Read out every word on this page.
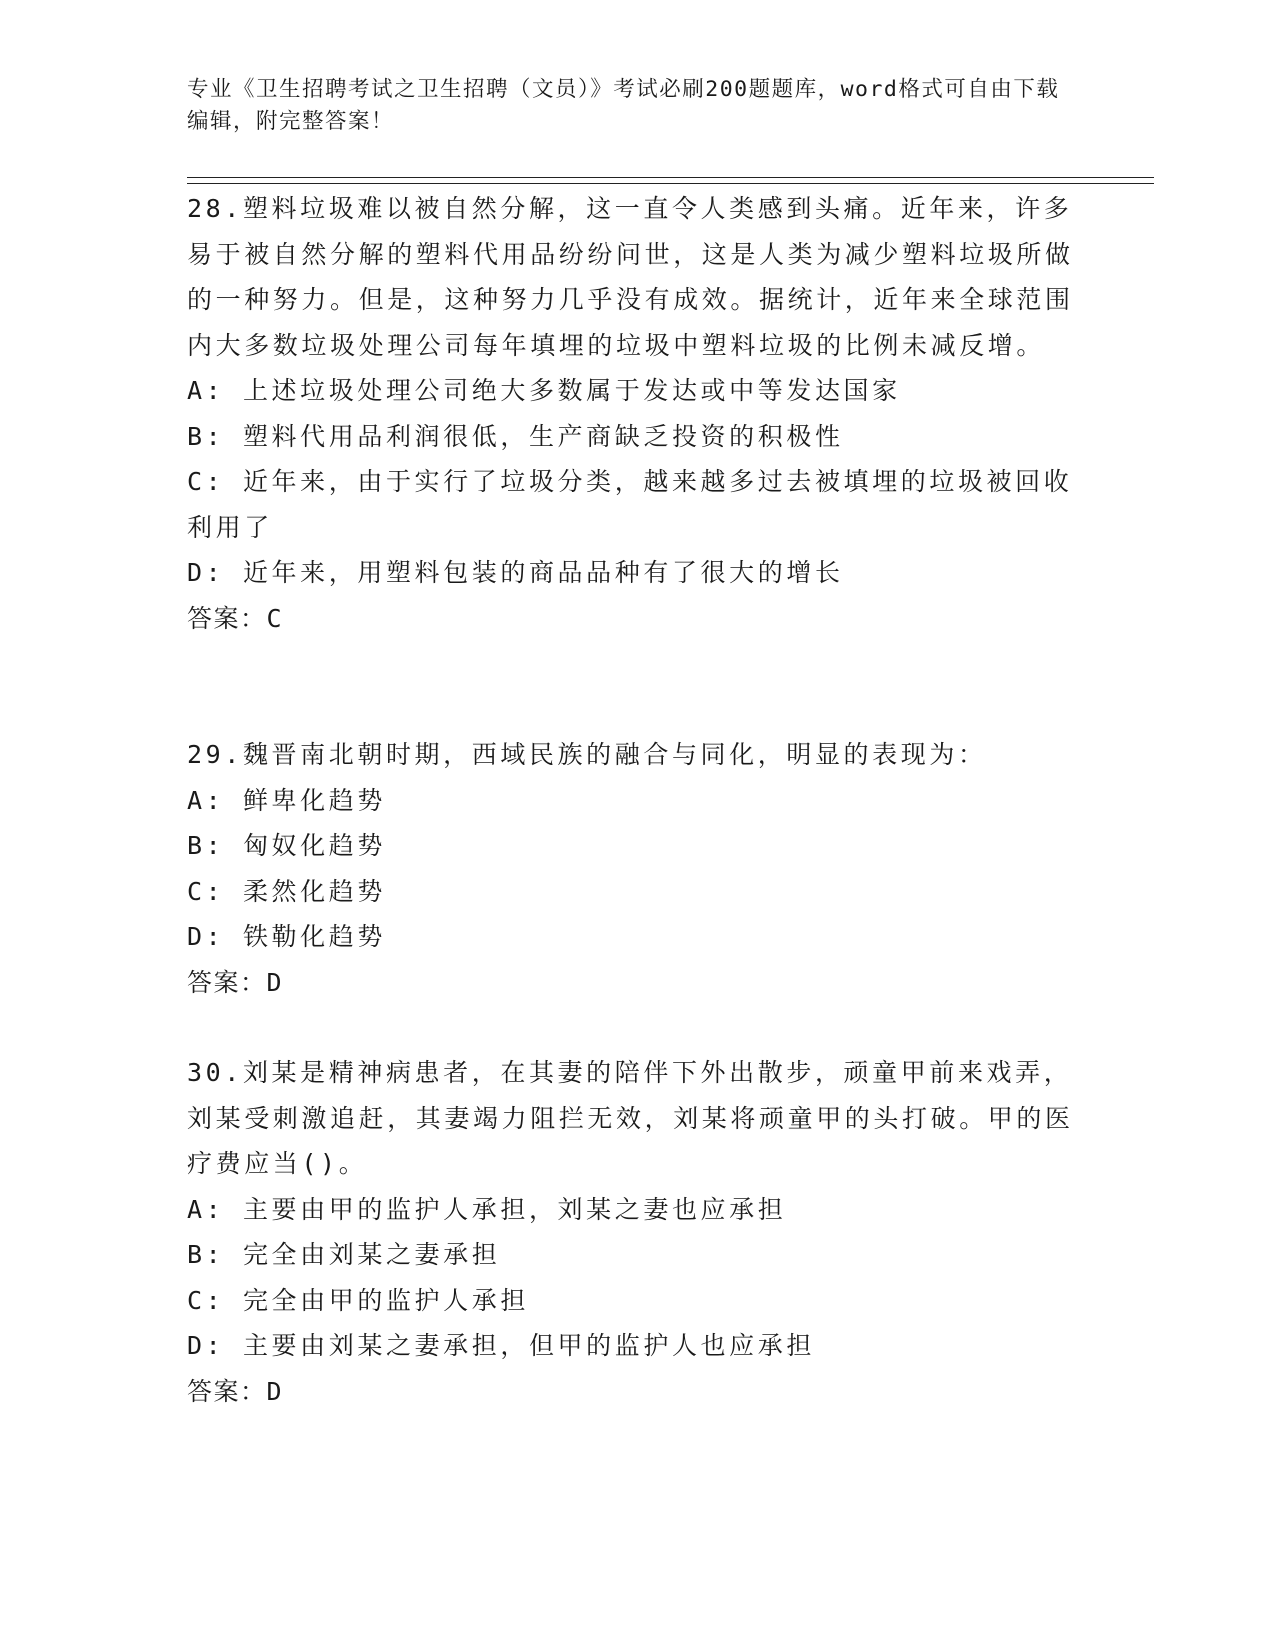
专业《卫生招聘考试之卫生招聘（文员）》考试必刷200题题库，word格式可自由下载编辑，附完整答案！

28.塑料垃圾难以被自然分解，这一直令人类感到头痛。近年来，许多易于被自然分解的塑料代用品纷纷问世，这是人类为减少塑料垃圾所做的一种努力。但是，这种努力几乎没有成效。据统计，近年来全球范围内大多数垃圾处理公司每年填埋的垃圾中塑料垃圾的比例未减反增。

A: 上述垃圾处理公司绝大多数属于发达或中等发达国家

B: 塑料代用品利润很低，生产商缺乏投资的积极性

C: 近年来，由于实行了垃圾分类，越来越多过去被填埋的垃圾被回收利用了

D: 近年来，用塑料包装的商品品种有了很大的增长

答案：C

29.魏晋南北朝时期，西域民族的融合与同化，明显的表现为：

A: 鲜卑化趋势

B: 匈奴化趋势

C: 柔然化趋势

D: 铁勒化趋势

答案：D

30.刘某是精神病患者，在其妻的陪伴下外出散步，顽童甲前来戏弄，刘某受刺激追赶，其妻竭力阻拦无效，刘某将顽童甲的头打破。甲的医疗费应当()。

A: 主要由甲的监护人承担，刘某之妻也应承担

B: 完全由刘某之妻承担

C: 完全由甲的监护人承担

D: 主要由刘某之妻承担，但甲的监护人也应承担

答案：D
